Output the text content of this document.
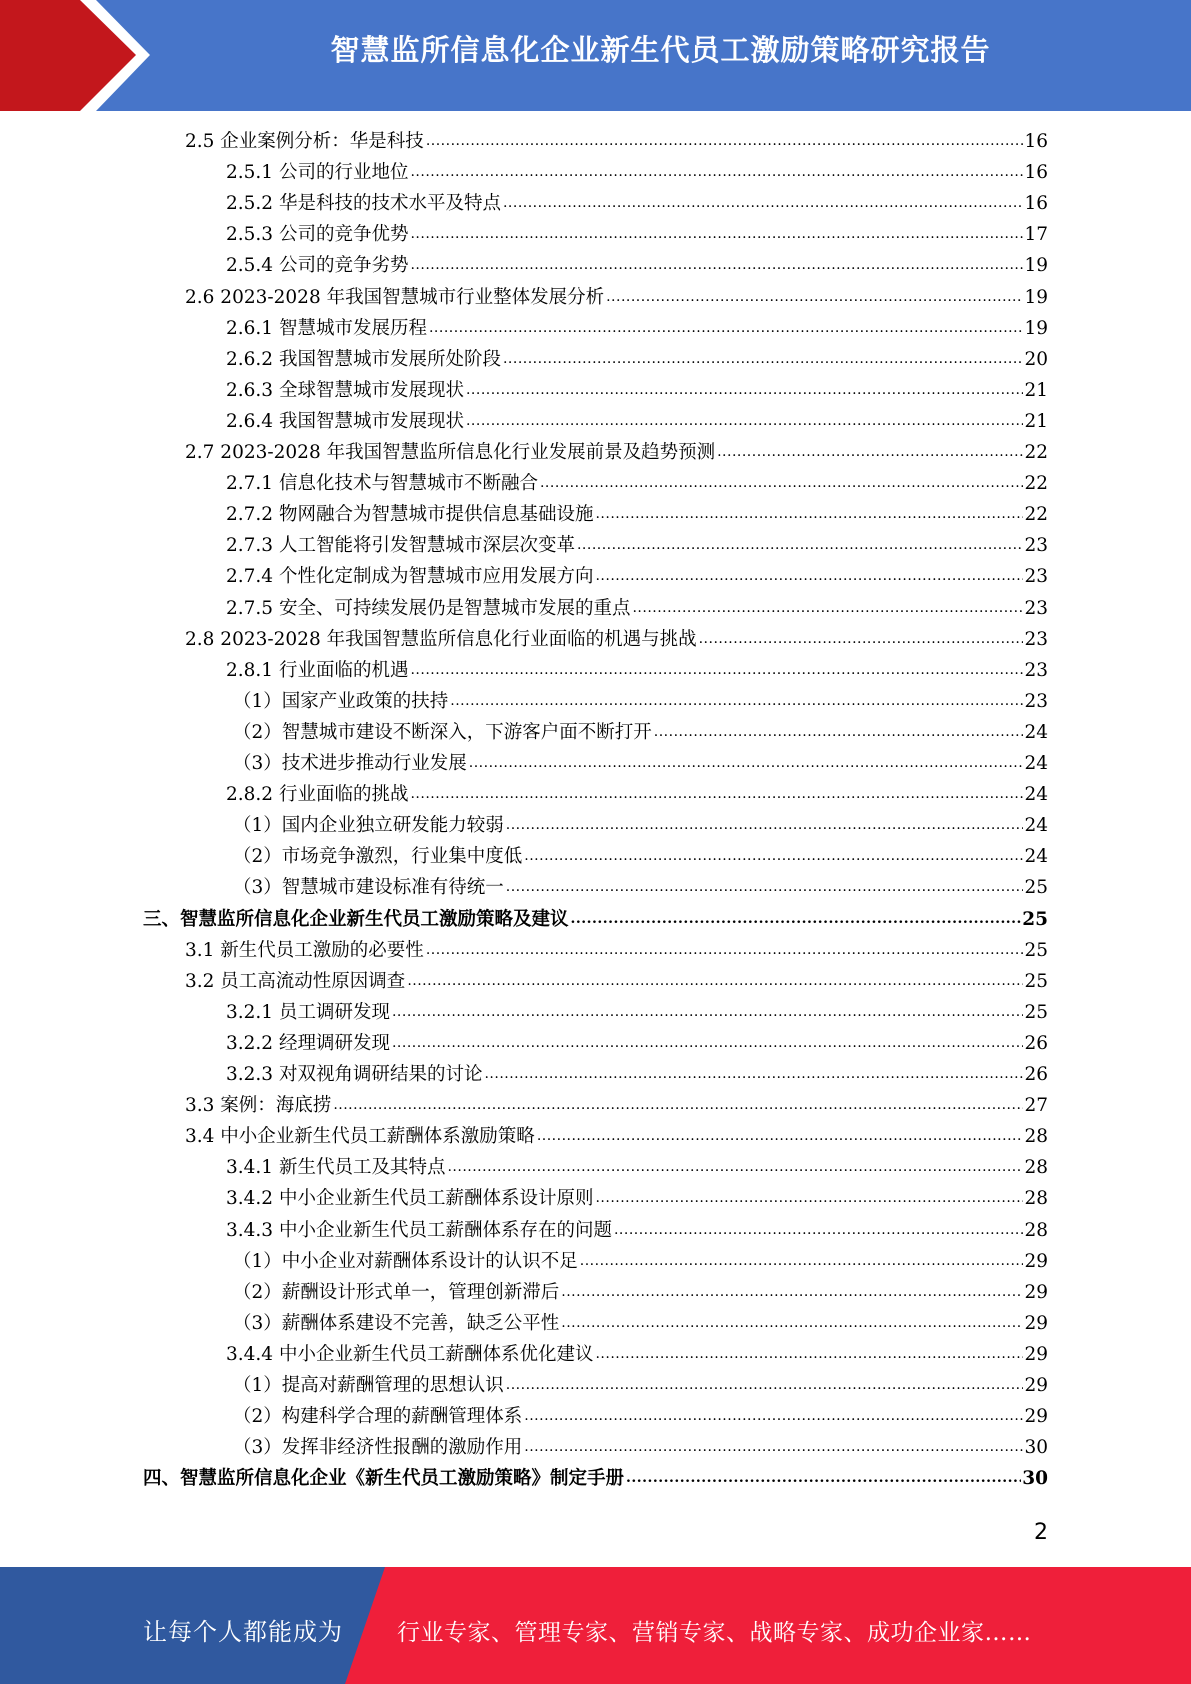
智慧监所信息化企业新生代员工激励策略研究报告
2.5 企业案例分析：华是科技 .....	16
2.5.1 公司的行业地位 .....	16
2.5.2 华是科技的技术水平及特点 .....	16
2.5.3 公司的竞争优势 .....	17
2.5.4 公司的竞争劣势 .....	19
2.6 2023-2028 年我国智慧城市行业整体发展分析 .....	19
2.6.1 智慧城市发展历程 .....	19
2.6.2 我国智慧城市发展所处阶段 .....	20
2.6.3 全球智慧城市发展现状 .....	21
2.6.4 我国智慧城市发展现状 .....	21
2.7 2023-2028 年我国智慧监所信息化行业发展前景及趋势预测 .....	22
2.7.1 信息化技术与智慧城市不断融合 .....	22
2.7.2 物网融合为智慧城市提供信息基础设施 .....	22
2.7.3 人工智能将引发智慧城市深层次变革 .....	23
2.7.4 个性化定制成为智慧城市应用发展方向 .....	23
2.7.5 安全、可持续发展仍是智慧城市发展的重点 .....	23
2.8 2023-2028 年我国智慧监所信息化行业面临的机遇与挑战 .....	23
2.8.1 行业面临的机遇 .....	23
（1）国家产业政策的扶持 .....	23
（2）智慧城市建设不断深入，下游客户面不断打开 .....	24
（3）技术进步推动行业发展 .....	24
2.8.2 行业面临的挑战 .....	24
（1）国内企业独立研发能力较弱 .....	24
（2）市场竞争激烈，行业集中度低 .....	24
（3）智慧城市建设标准有待统一 .....	25
三、智慧监所信息化企业新生代员工激励策略及建议 .....	25
3.1 新生代员工激励的必要性 .....	25
3.2 员工高流动性原因调查 .....	25
3.2.1 员工调研发现 .....	25
3.2.2 经理调研发现 .....	26
3.2.3 对双视角调研结果的讨论 .....	26
3.3 案例：海底捞 .....	27
3.4 中小企业新生代员工薪酬体系激励策略 .....	28
3.4.1 新生代员工及其特点 .....	28
3.4.2 中小企业新生代员工薪酬体系设计原则 .....	28
3.4.3 中小企业新生代员工薪酬体系存在的问题 .....	28
（1）中小企业对薪酬体系设计的认识不足 .....	29
（2）薪酬设计形式单一，管理创新滞后 .....	29
（3）薪酬体系建设不完善，缺乏公平性 .....	29
3.4.4 中小企业新生代员工薪酬体系优化建议 .....	29
（1）提高对薪酬管理的思想认识 .....	29
（2）构建科学合理的薪酬管理体系 .....	29
（3）发挥非经济性报酬的激励作用 .....	30
四、智慧监所信息化企业《新生代员工激励策略》制定手册 .....	30
2
让每个人都能成为 行业专家、管理专家、营销专家、战略专家、成功企业家……
